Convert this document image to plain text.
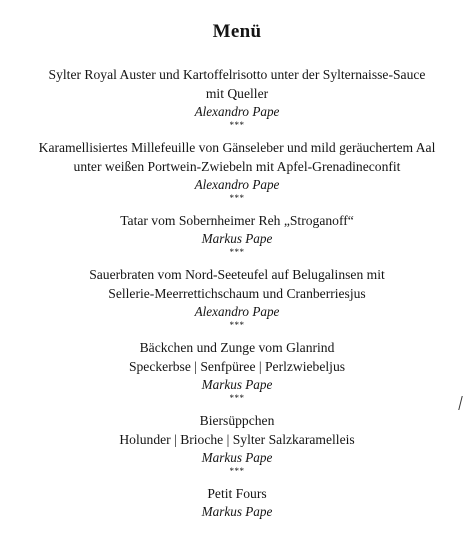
Menü
Sylter Royal Auster und Kartoffelrisotto unter der Sylternaisse-Sauce
mit Queller
Alexandro Pape
***
Karamellisiertes Millefeuille von Gänseleber und mild geräuchertem Aal
unter weißen Portwein-Zwiebeln mit Apfel-Grenadineconfit
Alexandro Pape
***
Tatar vom Sobernheimer Reh „Stroganoff“
Markus Pape
***
Sauerbraten vom Nord-Seeteufel auf Belugalinsen mit
Sellerie-Meerrettichschaum und Cranberriesjus
Alexandro Pape
***
Bäckchen und Zunge vom Glanrind
Speckerbse | Senfpüree | Perlzwiebeljus
Markus Pape
***
Biersüppchen
Holunder | Brioche | Sylter Salzkaramelleis
Markus Pape
***
Petit Fours
Markus Pape
